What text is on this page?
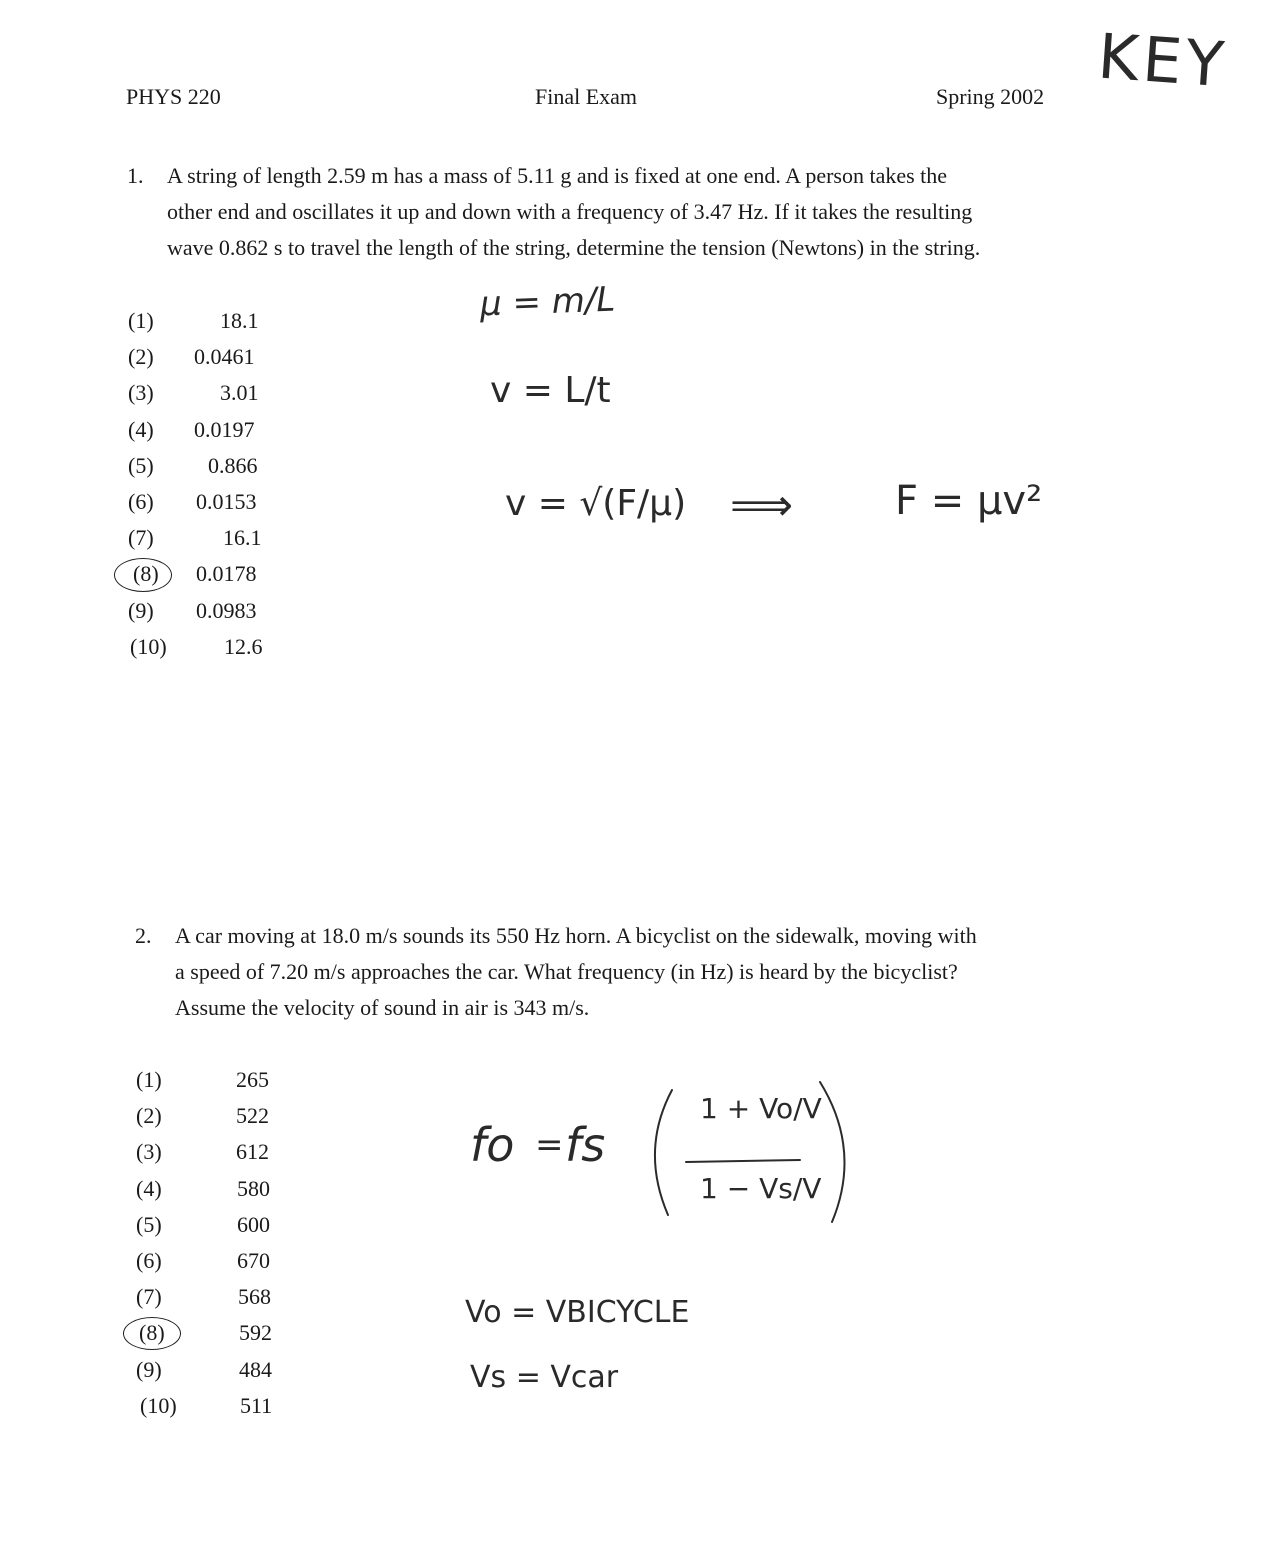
PHYS 220	Final Exam	Spring 2002 KEY
1.	A string of length 2.59 m has a mass of 5.11 g and is fixed at one end. A person takes the
other end and oscillates it up and down with a frequency of 3.47 Hz. If it takes the resulting
wave 0.862 s to travel the length of the string, determine the tension (Newtons) in the string.
(1)	18.1
(2) 0.0461
(3)	3.01
(4) 0.0197
(5) 0.866
(6) 0.0153
(7)	16.1
(8) 0.0178
(9) 0.0983
(10)	12.6
μ = m/L
v = L/t
v = √(F/μ) ⟹	F = μv²
2.	A car moving at 18.0 m/s sounds its 550 Hz horn. A bicyclist on the sidewalk, moving with
a speed of 7.20 m/s approaches the car. What frequency (in Hz) is heard by the bicyclist?
Assume the velocity of sound in air is 343 m/s.
(1)	265
(2)	522
(3)	612
(4)	580
(5)	600
(6)	670
(7)	568
(8)	592
(9)	484
(10)	511
fo = fs
1 + Vo/V
1 − Vs/V
Vo = VBICYCLE
Vs = Vcar
